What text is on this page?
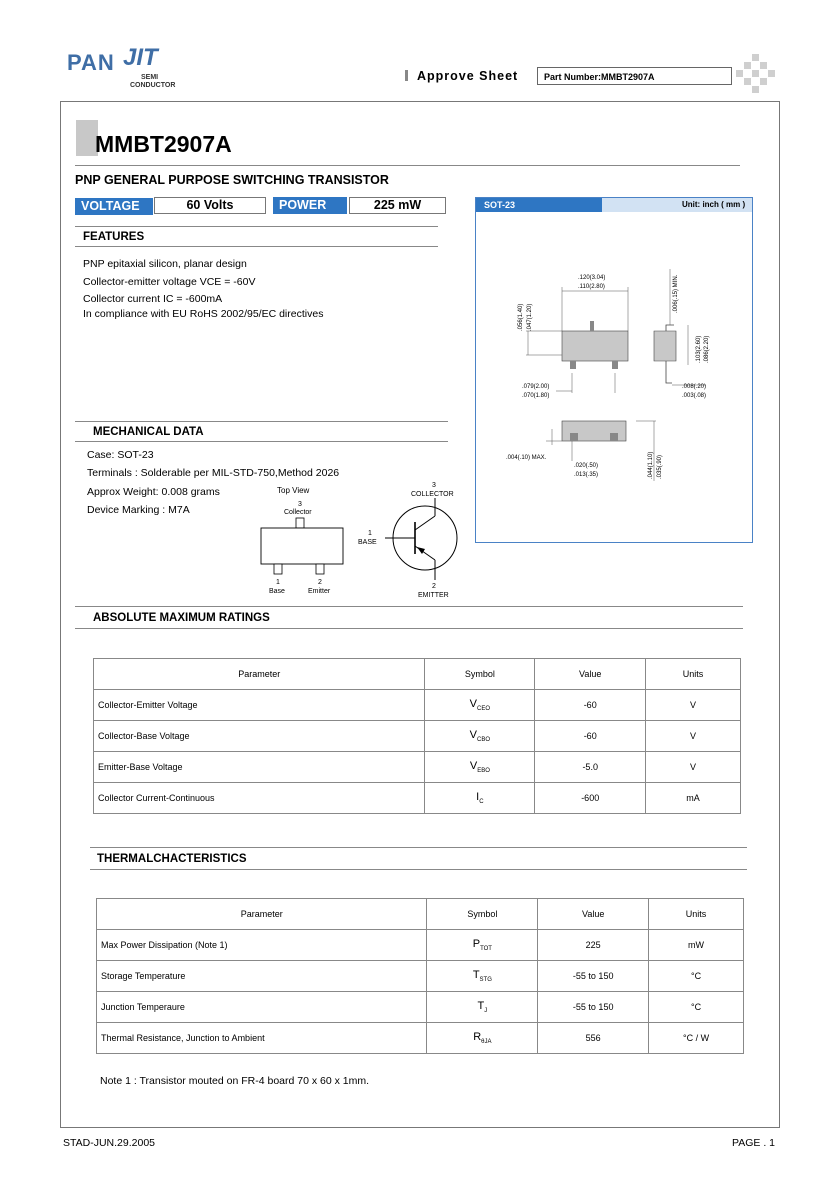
PAN JIT
SEMI
CONDUCTOR
Approve Sheet	Part Number:MMBT2907A
MMBT2907A
PNP GENERAL PURPOSE SWITCHING TRANSISTOR
VOLTAGE	60 Volts	POWER	225 mW
FEATURES
PNP epitaxial silicon, planar design
Collector-emitter voltage VCE = -60V
Collector current IC = -600mA
In compliance with EU RoHS 2002/95/EC directives
SOT-23	Unit: inch ( mm )
.120(3.04)
.110(2.80)
.056(1.40) .047(1.20)
.079(2.00)
.070(1.80)
.006(.15) MIN.
.103(2.60) .086(2.20)
.008(.20)
.003(.08)
.004(.10) MAX.
.020(.50)
.013(.35)	.044(1.10) .035(.90)
MECHANICAL DATA
Case: SOT-23
Terminals : Solderable per MIL-STD-750,Method 2026
Approx Weight: 0.008 grams
Device Marking : M7A
Top View
3
Collector
1
Base
2
Emitter
3
COLLECTOR
1
BASE
2
EMITTER
ABSOLUTE MAXIMUM RATINGS
Parameter	Symbol	Value	Units
Collector-Emitter Voltage	$V_{CEO}$	-60	V
Collector-Base Voltage	$V_{CBO}$	-60	V
Emitter-Base Voltage	$V_{EBO}$	-5.0	V
Collector Current-Continuous	$I_C$	-600	mA
THERMALCHACTERISTICS
Parameter	Symbol	Value	Units
Max Power Dissipation (Note 1)	$P_{TOT}$	225	mW
Storage Temperature	$T_{STG}$	-55 to 150	°C
Junction Temperaure	$T_J$	-55 to 150	°C
Thermal Resistance, Junction to Ambient	$R_{\theta JA}$	556	°C / W
Note 1 : Transistor mouted on FR-4 board 70 x 60 x 1mm.
STAD-JUN.29.2005	PAGE . 1
